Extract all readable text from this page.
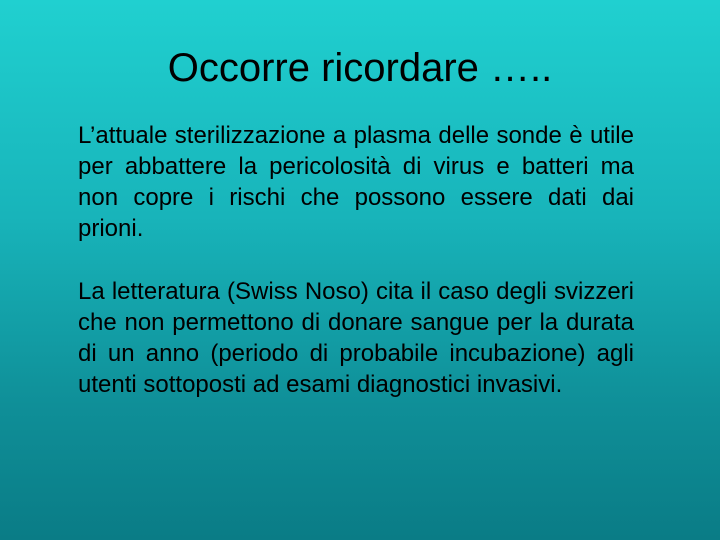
Occorre ricordare …..

L’attuale sterilizzazione a plasma delle sonde è utile per abbattere la pericolosità di virus e batteri ma non copre i rischi che possono essere dati dai prioni.

La letteratura (Swiss Noso) cita il caso degli svizzeri che non permettono di donare sangue per la durata di un anno (periodo di probabile incubazione) agli utenti sottoposti ad esami diagnostici invasivi.
